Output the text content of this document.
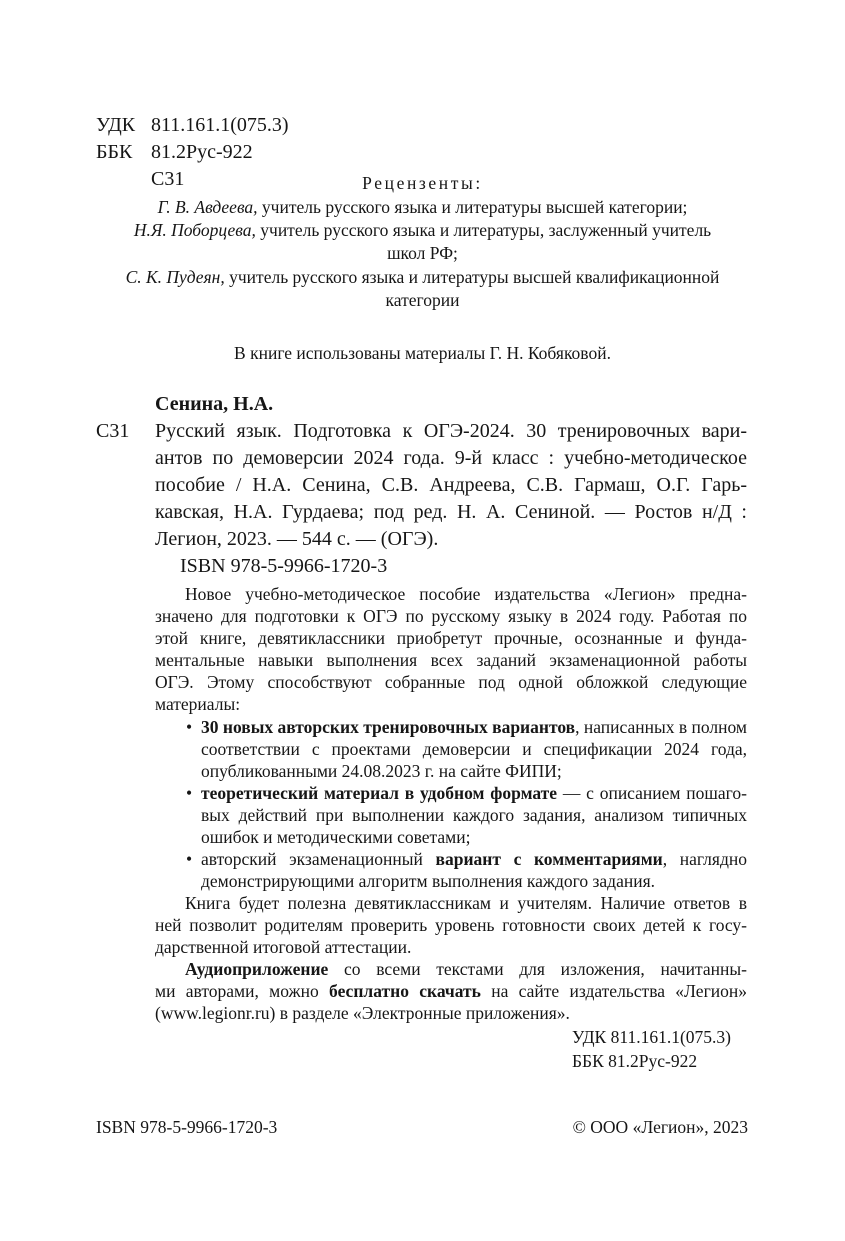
УДК 811.161.1(075.3)
ББК 81.2Рус-922
С31	Рецензенты:
Г. В. Авдеева, учитель русского языка и литературы высшей категории;
Н.Я. Поборцева, учитель русского языка и литературы, заслуженный учитель
школ РФ;
С. К. Пудеян, учитель русского языка и литературы высшей квалификационной
категории
В книге использованы материалы Г. Н. Кобяковой.
Сенина, Н.А.
С31 Русский язык. Подготовка к ОГЭ-2024. 30 тренировочных вари-
антов по демоверсии 2024 года. 9-й класс : учебно-методическое
пособие / Н.А. Сенина, С.В. Андреева, С.В. Гармаш, О.Г. Гарь-
кавская, Н.А. Гурдаева; под ред. Н. А. Сениной. — Ростов н/Д :
Легион, 2023. — 544 с. — (ОГЭ).
ISBN 978-5-9966-1720-3
Новое учебно-методическое пособие издательства «Легион» предна-
значено для подготовки к ОГЭ по русскому языку в 2024 году. Работая по
этой книге, девятиклассники приобретут прочные, осознанные и фунда-
ментальные навыки выполнения всех заданий экзаменационной работы
ОГЭ. Этому способствуют собранные под одной обложкой следующие
материалы:
• 30 новых авторских тренировочных вариантов, написанных в полном
соответствии с проектами демоверсии и спецификации 2024 года,
опубликованными 24.08.2023 г. на сайте ФИПИ;
• теоретический материал в удобном формате — с описанием пошаго-
вых действий при выполнении каждого задания, анализом типичных
ошибок и методическими советами;
• авторский экзаменационный вариант с комментариями, наглядно
демонстрирующими алгоритм выполнения каждого задания.
Книга будет полезна девятиклассникам и учителям. Наличие ответов в
ней позволит родителям проверить уровень готовности своих детей к госу-
дарственной итоговой аттестации.
Аудиоприложение со всеми текстами для изложения, начитанны-
ми авторами, можно бесплатно скачать на сайте издательства «Легион»
(www.legionr.ru) в разделе «Электронные приложения».
УДК 811.161.1(075.3)
ББК 81.2Рус-922
ISBN 978-5-9966-1720-3	© ООО «Легион», 2023
